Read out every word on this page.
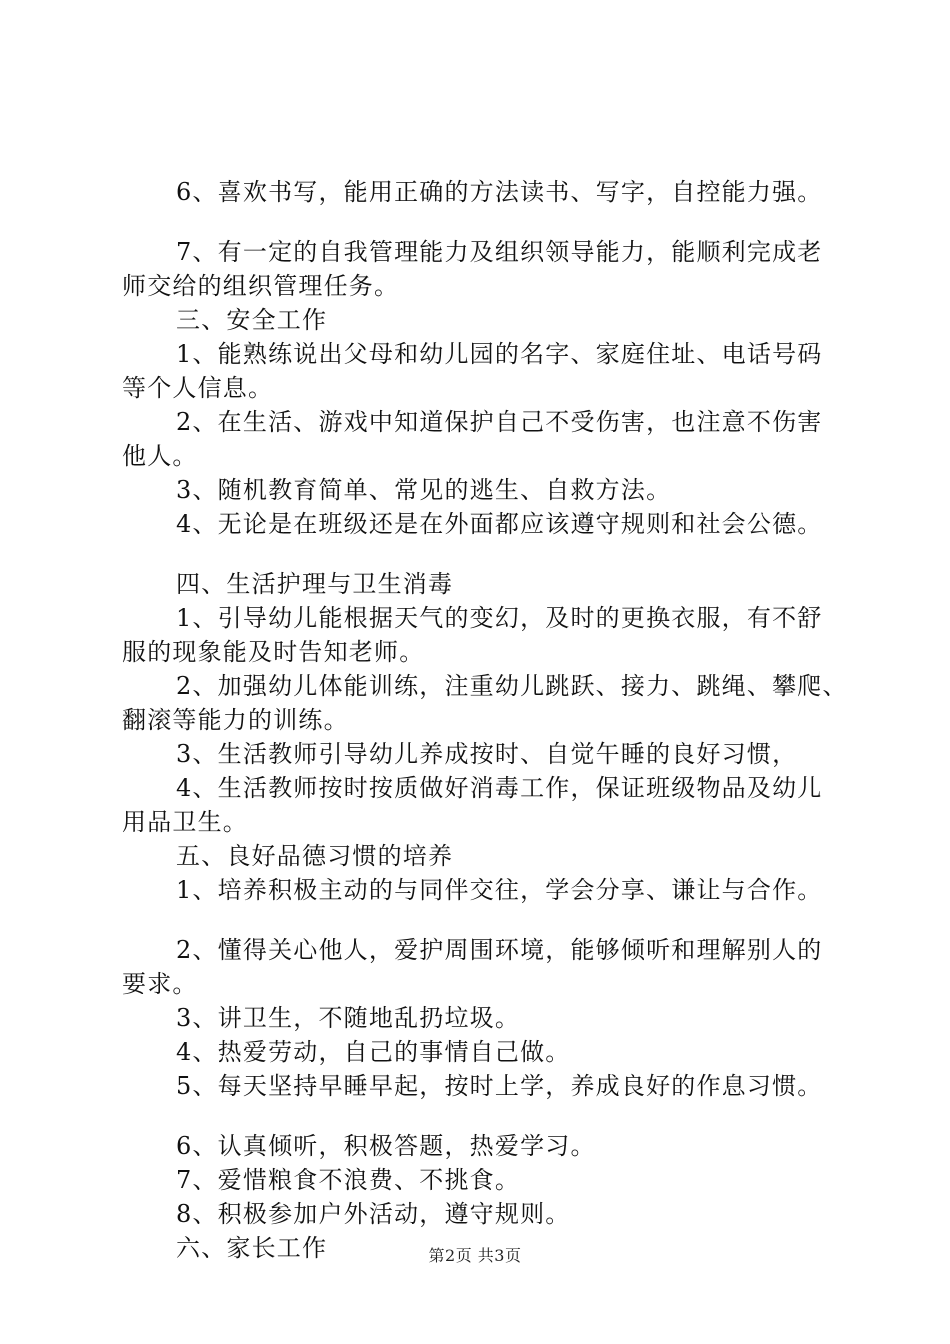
6、喜欢书写，能用正确的方法读书、写字，自控能力强。
7、有一定的自我管理能力及组织领导能力，能顺利完成老
师交给的组织管理任务。
三、安全工作
1、能熟练说出父母和幼儿园的名字、家庭住址、电话号码
等个人信息。
2、在生活、游戏中知道保护自己不受伤害，也注意不伤害
他人。
3、随机教育简单、常见的逃生、自救方法。
4、无论是在班级还是在外面都应该遵守规则和社会公德。
四、生活护理与卫生消毒
1、引导幼儿能根据天气的变幻，及时的更换衣服，有不舒
服的现象能及时告知老师。
2、加强幼儿体能训练，注重幼儿跳跃、接力、跳绳、攀爬、
翻滚等能力的训练。
3、生活教师引导幼儿养成按时、自觉午睡的良好习惯，
4、生活教师按时按质做好消毒工作，保证班级物品及幼儿
用品卫生。
五、良好品德习惯的培养
1、培养积极主动的与同伴交往，学会分享、谦让与合作。
2、懂得关心他人，爱护周围环境，能够倾听和理解别人的
要求。
3、讲卫生，不随地乱扔垃圾。
4、热爱劳动，自己的事情自己做。
5、每天坚持早睡早起，按时上学，养成良好的作息习惯。
6、认真倾听，积极答题，热爱学习。
7、爱惜粮食不浪费、不挑食。
8、积极参加户外活动，遵守规则。
六、家长工作	第2页 共3页
